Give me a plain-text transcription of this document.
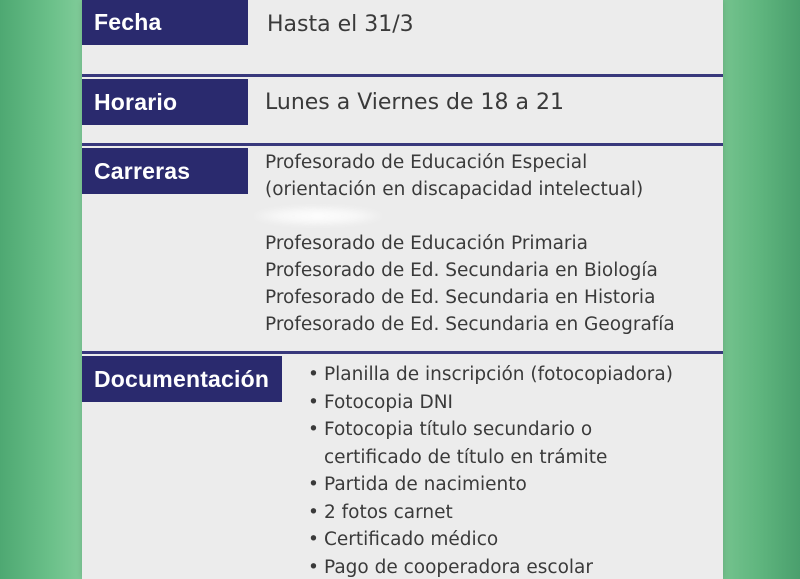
Fecha	Hasta el 31/3
Horario	Lunes a Viernes de 18 a 21
Carreras	Profesorado de Educación Especial
(orientación en discapacidad intelectual)
Profesorado de Educación Primaria
Profesorado de Ed. Secundaria en Biología
Profesorado de Ed. Secundaria en Historia
Profesorado de Ed. Secundaria en Geografía
Documentación • Planilla de inscripción (fotocopiadora)
• Fotocopia DNI
• Fotocopia título secundario o
certificado de título en trámite
• Partida de nacimiento
• 2 fotos carnet
• Certificado médico
• Pago de cooperadora escolar
